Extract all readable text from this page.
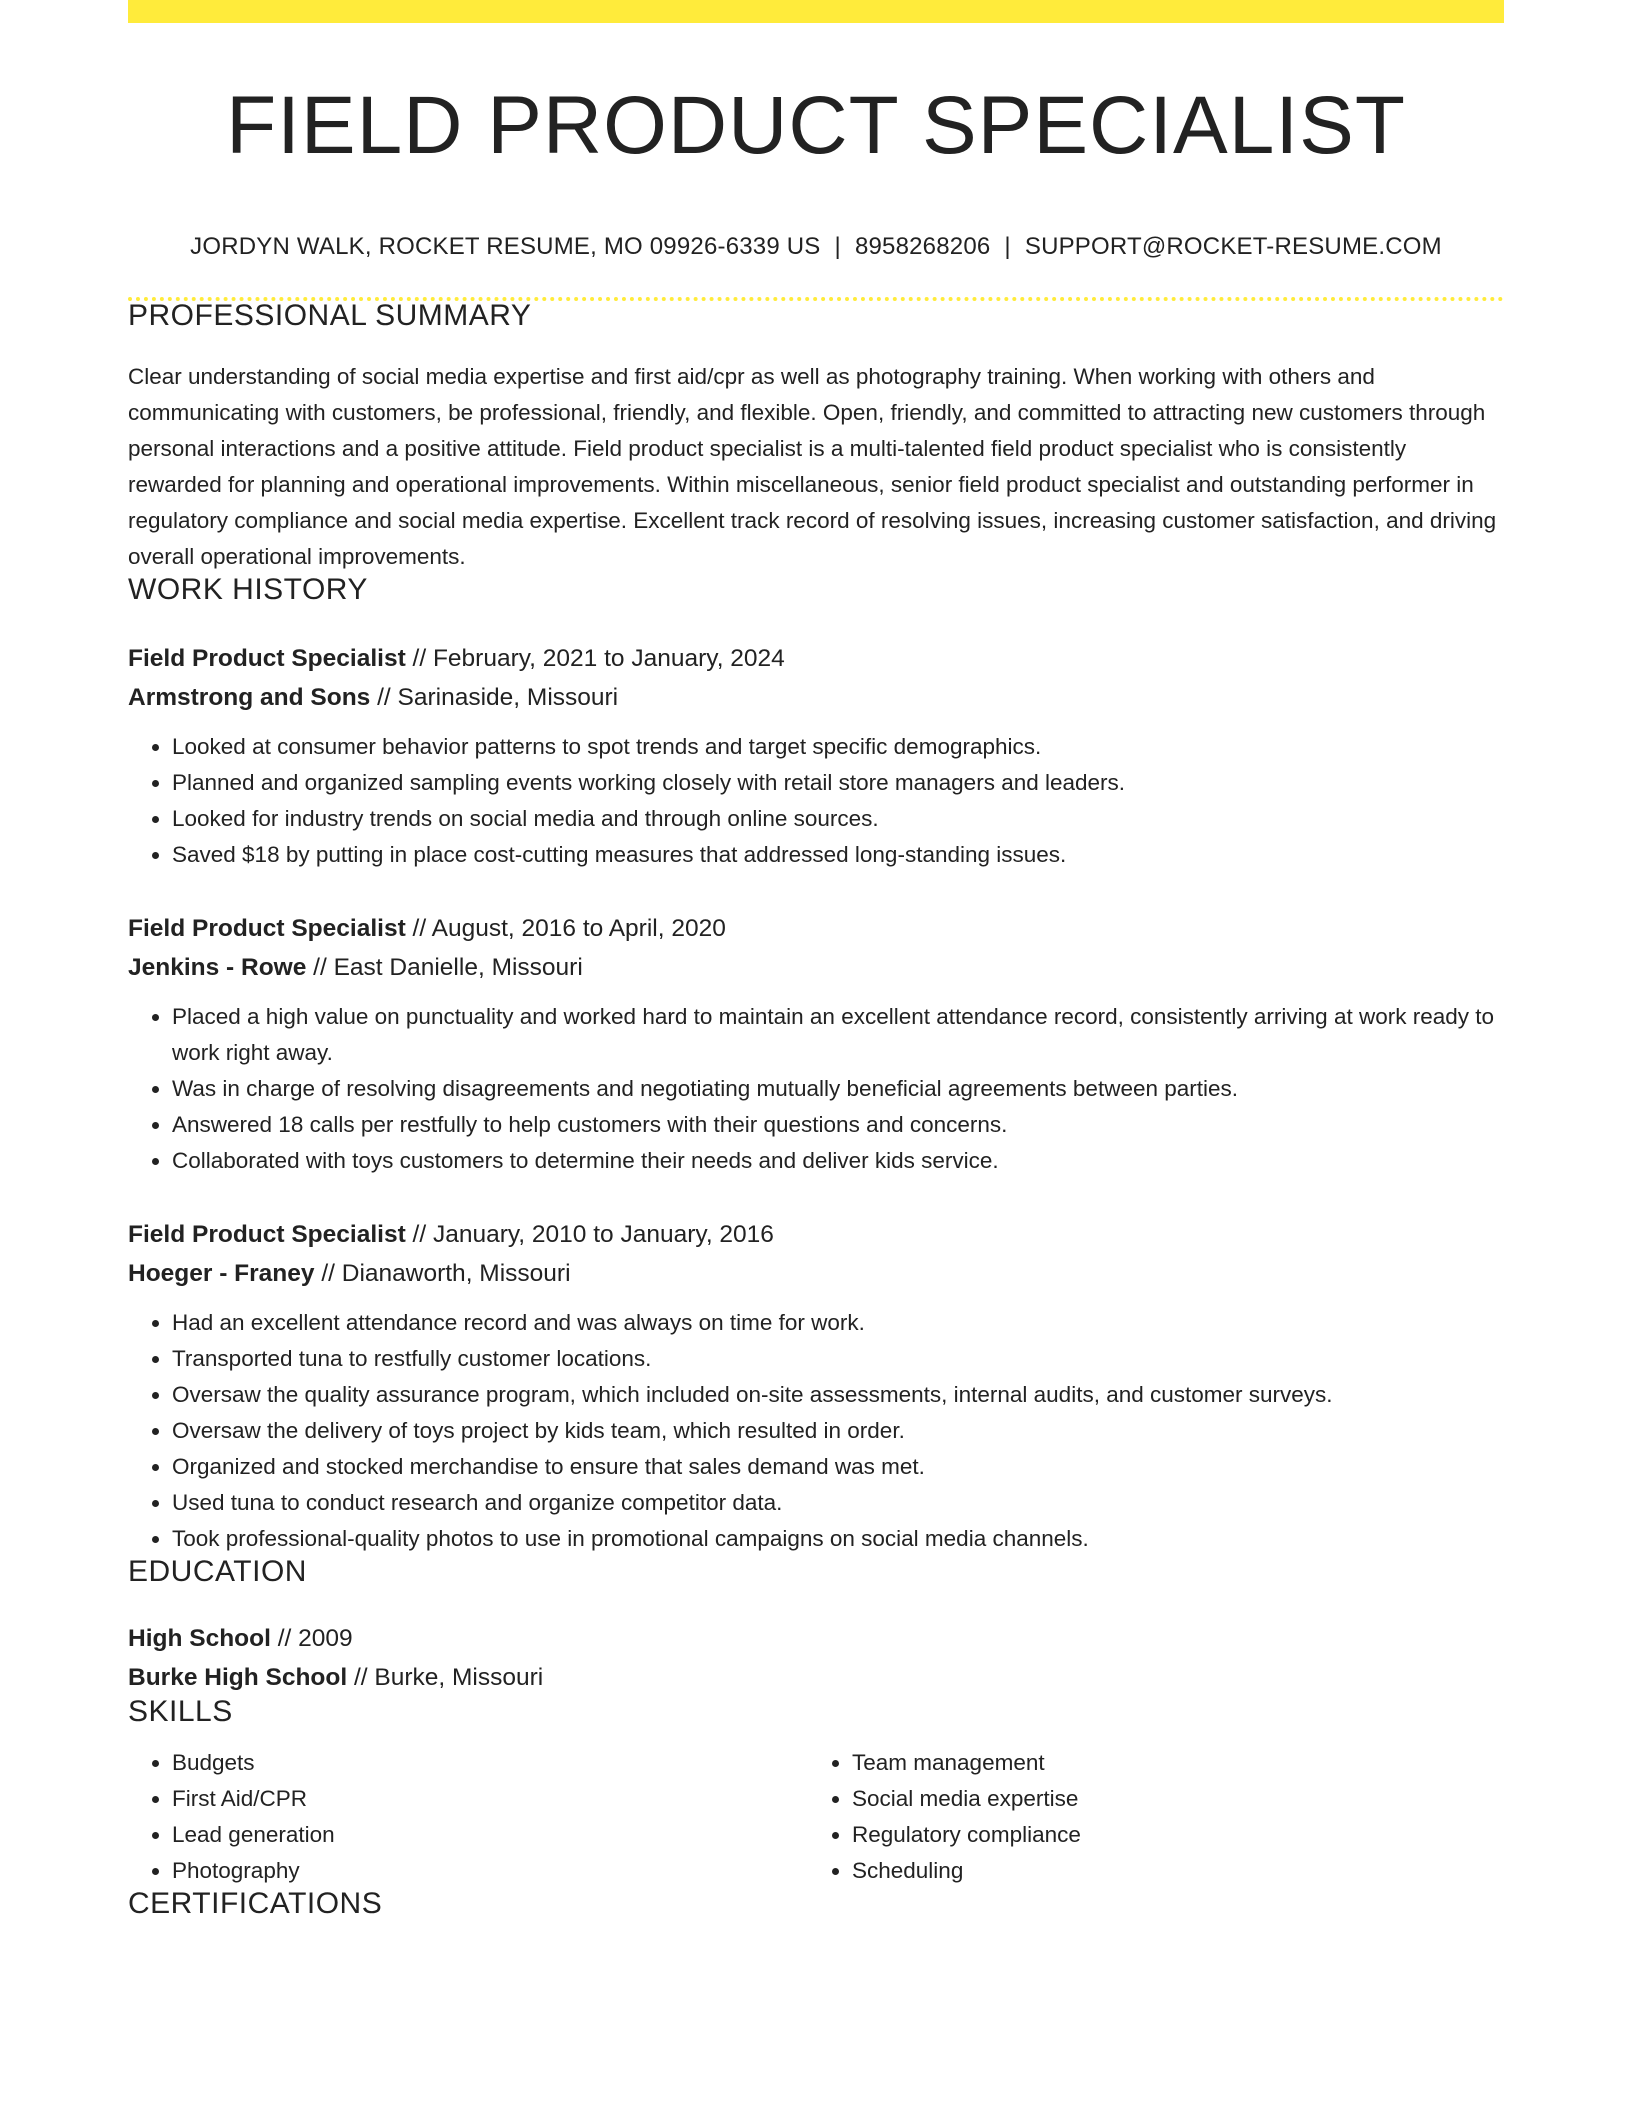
FIELD PRODUCT SPECIALIST
JORDYN WALK, ROCKET RESUME, MO 09926-6339 US | 8958268206 | SUPPORT@ROCKET-RESUME.COM
PROFESSIONAL SUMMARY
Clear understanding of social media expertise and first aid/cpr as well as photography training. When working with others and communicating with customers, be professional, friendly, and flexible. Open, friendly, and committed to attracting new customers through personal interactions and a positive attitude. Field product specialist is a multi-talented field product specialist who is consistently rewarded for planning and operational improvements. Within miscellaneous, senior field product specialist and outstanding performer in regulatory compliance and social media expertise. Excellent track record of resolving issues, increasing customer satisfaction, and driving overall operational improvements.
WORK HISTORY
Field Product Specialist // February, 2021 to January, 2024
Armstrong and Sons // Sarinaside, Missouri
• Looked at consumer behavior patterns to spot trends and target specific demographics.
• Planned and organized sampling events working closely with retail store managers and leaders.
• Looked for industry trends on social media and through online sources.
• Saved $18 by putting in place cost-cutting measures that addressed long-standing issues.
Field Product Specialist // August, 2016 to April, 2020
Jenkins - Rowe // East Danielle, Missouri
• Placed a high value on punctuality and worked hard to maintain an excellent attendance record, consistently arriving at work ready to work right away.
• Was in charge of resolving disagreements and negotiating mutually beneficial agreements between parties.
• Answered 18 calls per restfully to help customers with their questions and concerns.
• Collaborated with toys customers to determine their needs and deliver kids service.
Field Product Specialist // January, 2010 to January, 2016
Hoeger - Franey // Dianaworth, Missouri
• Had an excellent attendance record and was always on time for work.
• Transported tuna to restfully customer locations.
• Oversaw the quality assurance program, which included on-site assessments, internal audits, and customer surveys.
• Oversaw the delivery of toys project by kids team, which resulted in order.
• Organized and stocked merchandise to ensure that sales demand was met.
• Used tuna to conduct research and organize competitor data.
• Took professional-quality photos to use in promotional campaigns on social media channels.
EDUCATION
High School // 2009
Burke High School // Burke, Missouri
SKILLS
• Budgets
• First Aid/CPR
• Lead generation
• Photography
• Team management
• Social media expertise
• Regulatory compliance
• Scheduling
CERTIFICATIONS
